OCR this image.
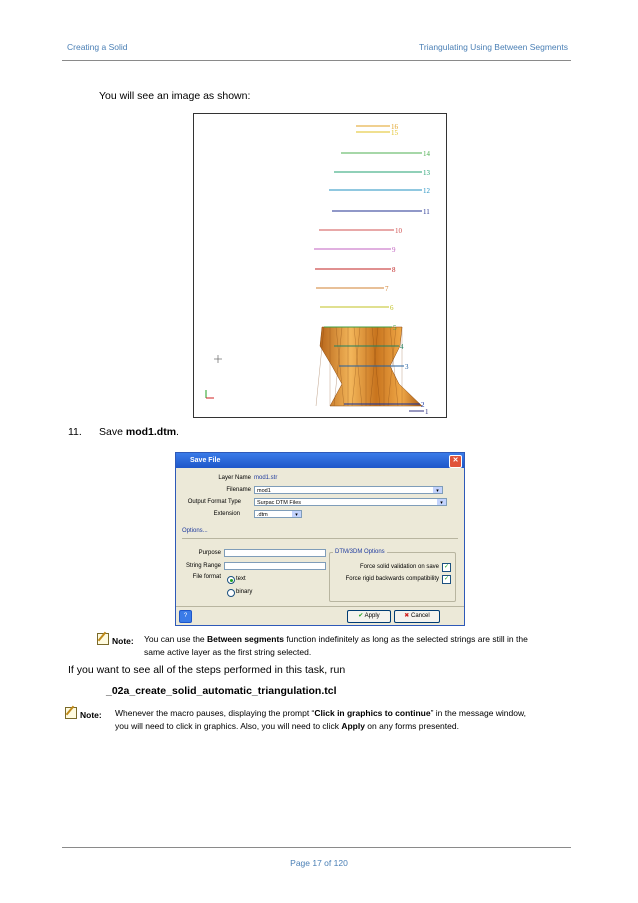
Creating a Solid	Triangulating Using Between Segments
You will see an image as shown:
16
15
14
13
12
11
10
9
8
7
6
5
4
3
2
1
11. Save mod1.dtm.
Save File	✕
Layer Name mod1.str
Filename	mod1	▾
Output Format Type	Surpac DTM Files	▾
Extension	.dtm	▾
Options...
Purpose
String Range
File format	text
binary
DTM/3DM Options
Force solid validation on save ✓
Force rigid backwards compatibility ✓
?	✔ Apply	✖ Cancel
Note: You can use the Between segments function indefinitely as long as the selected strings are still in the
same active layer as the first string selected.
If you want to see all of the steps performed in this task, run
_02a_create_solid_automatic_triangulation.tcl
Note: Whenever the macro pauses, displaying the prompt “Click in graphics to continue” in the message window,
you will need to click in graphics. Also, you will need to click Apply on any forms presented.
Page 17 of 120
